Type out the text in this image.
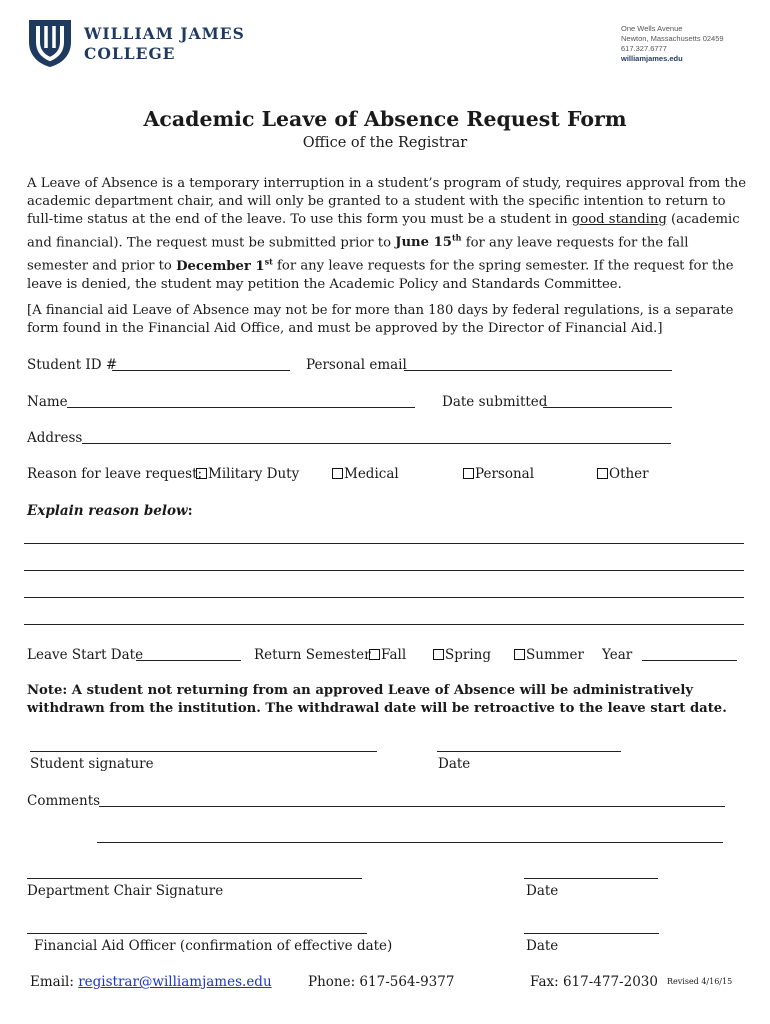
WILLIAM JAMES
COLLEGE
One Wells Avenue
Newton, Massachusetts 02459
617.327.6777
williamjames.edu
Academic Leave of Absence Request Form
Office of the Registrar
A Leave of Absence is a temporary interruption in a student’s program of study, requires approval from the academic department chair, and will only be granted to a student with the specific intention to return to full-time status at the end of the leave. To use this form you must be a student in good standing (academic and financial). The request must be submitted prior to June 15th for any leave requests for the fall semester and prior to December 1st for any leave requests for the spring semester. If the request for the leave is denied, the student may petition the Academic Policy and Standards Committee.
[A financial aid Leave of Absence may not be for more than 180 days by federal regulations, is a separate form found in the Financial Aid Office, and must be approved by the Director of Financial Aid.]
Student ID #	Personal email
Name	Date submitted
Address
Reason for leave request: Military Duty	Medical	Personal	Other
Explain reason below:
Leave Start Date	Return Semester Fall	Spring	Summer Year
Note: A student not returning from an approved Leave of Absence will be administratively withdrawn from the institution. The withdrawal date will be retroactive to the leave start date.
Student signature	Date
Comments
Department Chair Signature	Date
Financial Aid Officer (confirmation of effective date)	Date
Email: registrar@williamjames.edu	Phone: 617-564-9377	Fax: 617-477-2030 Revised 4/16/15
